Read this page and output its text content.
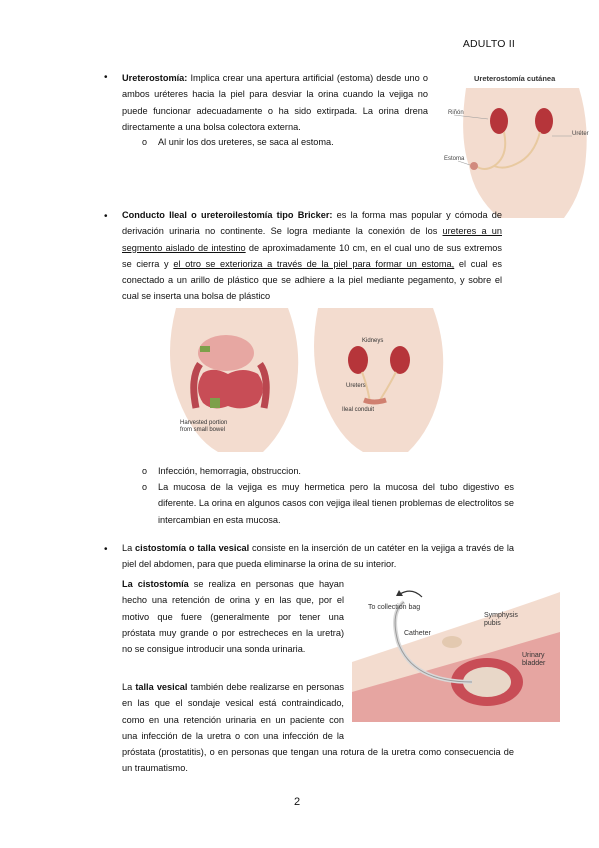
ADULTO II
• Ureterostomía: Implica crear una apertura artificial (estoma) desde uno o ambos uréteres hacia la piel para desviar la orina cuando la vejiga no puede funcionar adecuadamente o ha sido extirpada. La orina drena directamente a una bolsa colectora externa.
o Al unir los dos ureteres, se saca al estoma.
Ureterostomía cutánea
Riñón
Uréter
Estoma
• Conducto Ileal o ureteroilestomía tipo Bricker: es la forma mas popular y cómoda de derivación urinaria no continente. Se logra mediante la conexión de los ureteres a un segmento aislado de intestino de aproximadamente 10 cm, en el cual uno de sus extremos se cierra y el otro se exterioriza a través de la piel para formar un estoma, el cual es conectado a un arillo de plástico que se adhiere a la piel mediante pegamento, y sobre el cual se inserta una bolsa de plástico
Harvested portion from small bowel
Kidneys
Ureters
Ileal conduit
o Infección, hemorragia, obstruccion.
o La mucosa de la vejiga es muy hermetica pero la mucosa del tubo digestivo es diferente. La orina en algunos casos con vejiga ileal tienen problemas de electrolitos se intercambian en esta mucosa.
• La cistostomía o talla vesical consiste en la inserción de un catéter en la vejiga a través de la piel del abdomen, para que pueda eliminarse la orina de su interior.
La cistostomía se realiza en personas que hayan hecho una retención de orina y en las que, por el motivo que fuere (generalmente por tener una próstata muy grande o por estrecheces en la uretra) no se consigue introducir una sonda urinaria.
To collection bag
Symphysis pubis
Catheter
Urinary bladder
La talla vesical también debe realizarse en personas en las que el sondaje vesical está contraindicado, como en una retención urinaria en un paciente con una infección de la uretra o con una infección de la próstata (prostatitis), o en personas que tengan una rotura de la uretra como consecuencia de un traumatismo.
2
